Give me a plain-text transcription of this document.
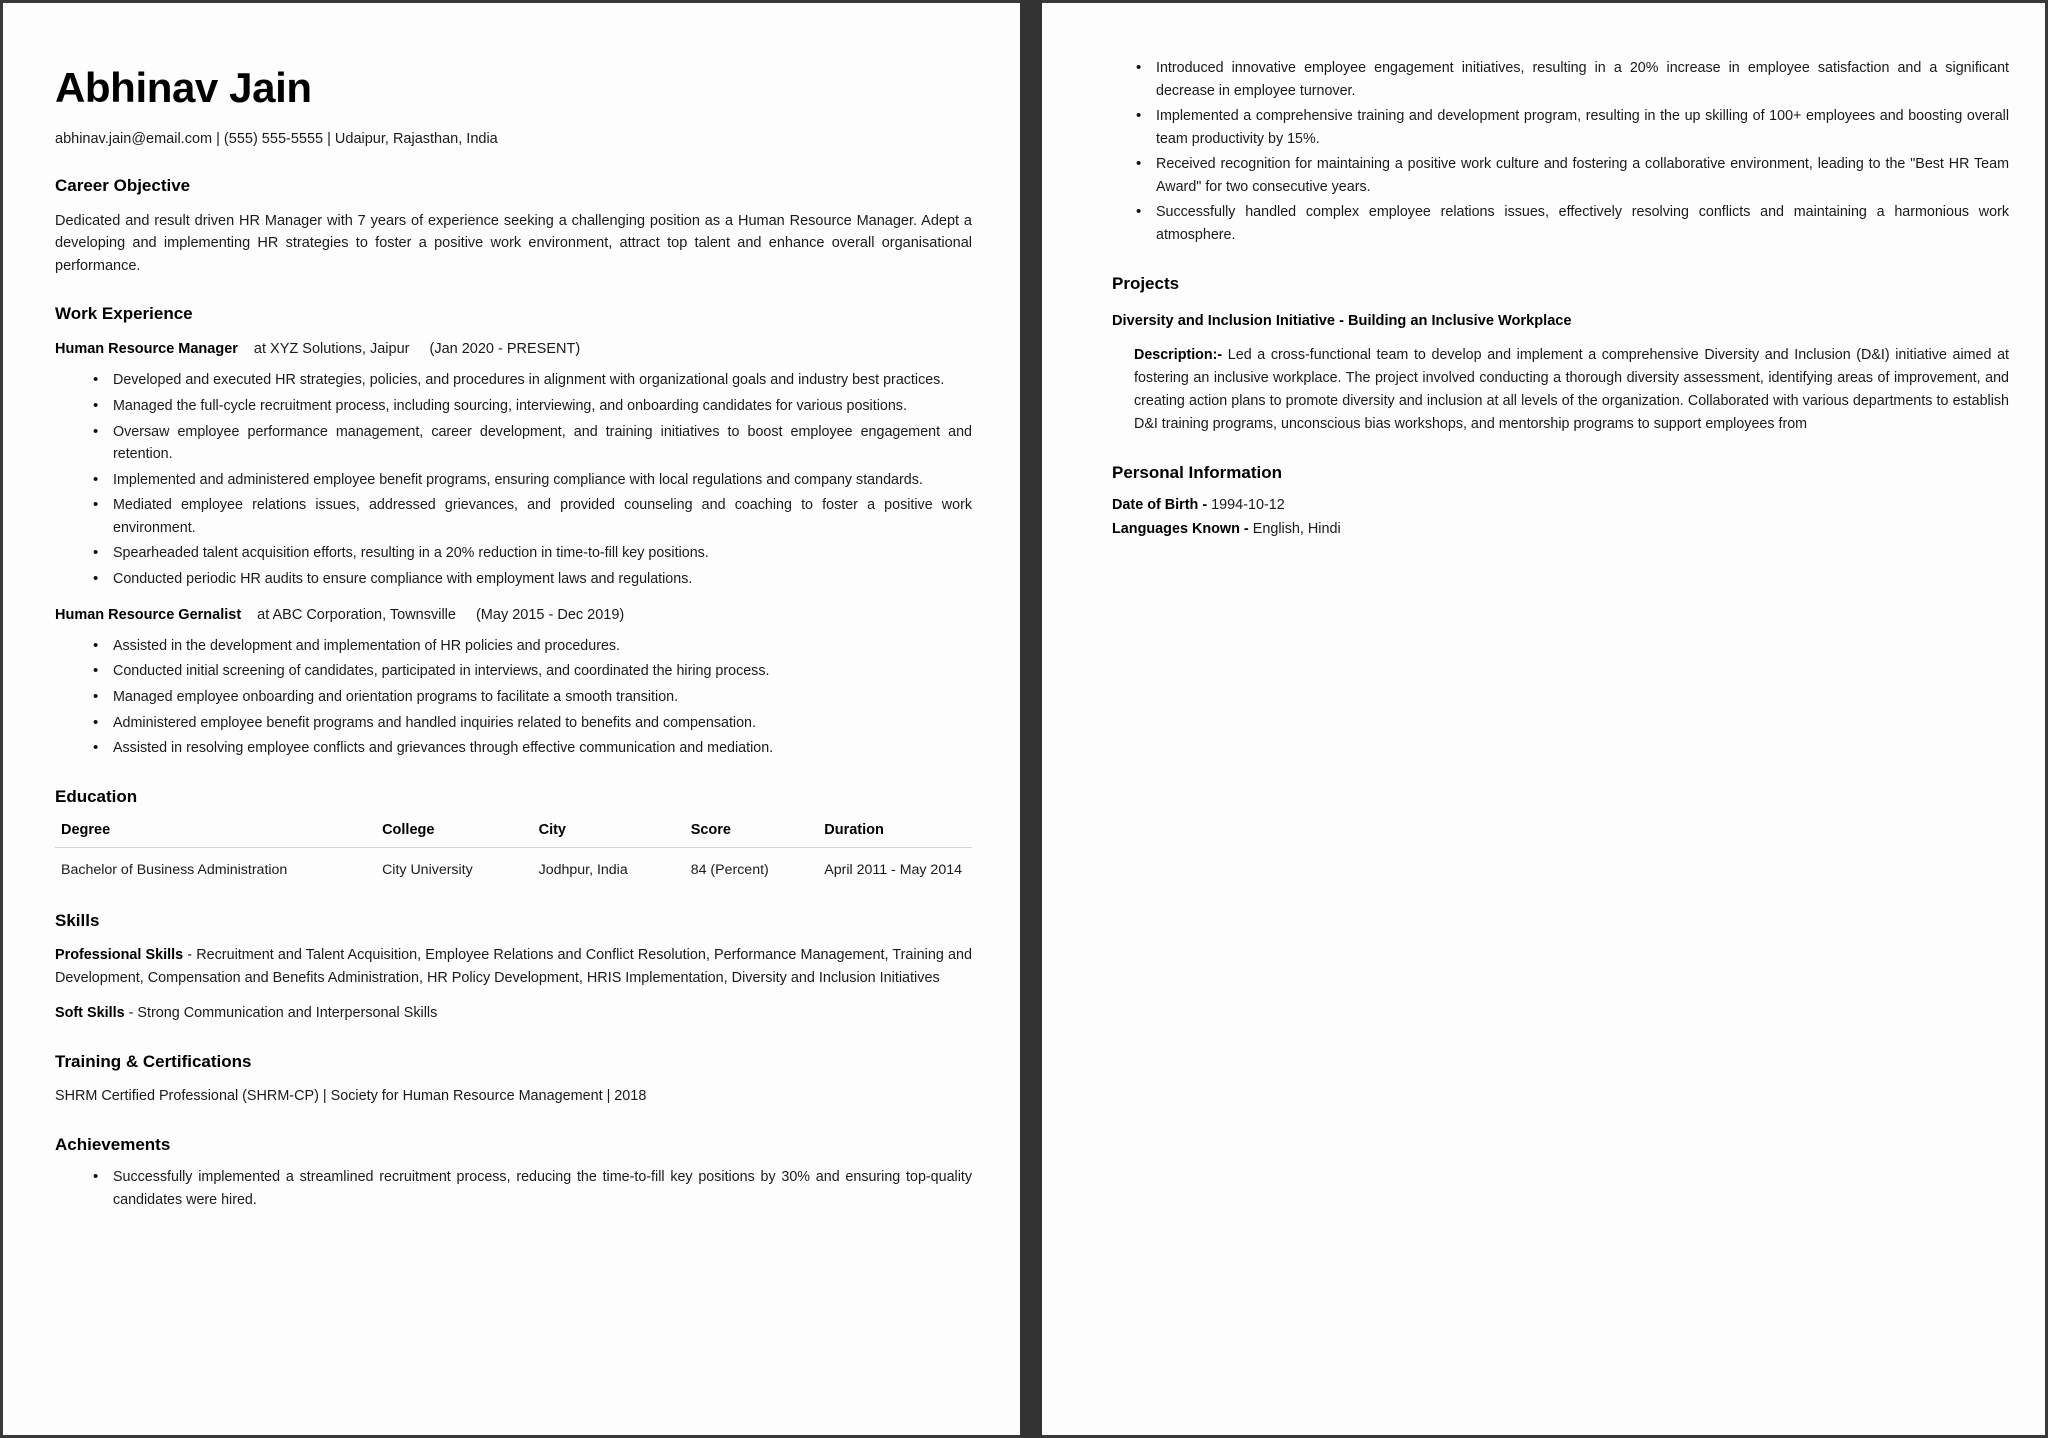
Abhinav Jain
abhinav.jain@email.com | (555) 555-5555 | Udaipur, Rajasthan, India
Career Objective

Dedicated and result driven HR Manager with 7 years of experience seeking a challenging position as a Human Resource Manager. Adept a developing and implementing HR strategies to foster a positive work environment, attract top talent and enhance overall organisational performance.

Work Experience
Human Resource Manager at XYZ Solutions, Jaipur (Jan 2020 - PRESENT)
• Developed and executed HR strategies, policies, and procedures in alignment with organizational goals and industry best practices.
• Managed the full-cycle recruitment process, including sourcing, interviewing, and onboarding candidates for various positions.
• Oversaw employee performance management, career development, and training initiatives to boost employee engagement and retention.
• Implemented and administered employee benefit programs, ensuring compliance with local regulations and company standards.
• Mediated employee relations issues, addressed grievances, and provided counseling and coaching to foster a positive work environment.
• Spearheaded talent acquisition efforts, resulting in a 20% reduction in time-to-fill key positions.
• Conducted periodic HR audits to ensure compliance with employment laws and regulations.
Human Resource Gernalist at ABC Corporation, Townsville (May 2015 - Dec 2019)
• Assisted in the development and implementation of HR policies and procedures.
• Conducted initial screening of candidates, participated in interviews, and coordinated the hiring process.
• Managed employee onboarding and orientation programs to facilitate a smooth transition.
• Administered employee benefit programs and handled inquiries related to benefits and compensation.
• Assisted in resolving employee conflicts and grievances through effective communication and mediation.
Education
Degree	College	City	Score	Duration
Bachelor of Business Administration	City University	Jodhpur, India	84 (Percent)	April 2011 - May 2014
Skills

Professional Skills - Recruitment and Talent Acquisition, Employee Relations and Conflict Resolution, Performance Management, Training and Development, Compensation and Benefits Administration, HR Policy Development, HRIS Implementation, Diversity and Inclusion Initiatives

Soft Skills - Strong Communication and Interpersonal Skills

Training & Certifications

SHRM Certified Professional (SHRM-CP) | Society for Human Resource Management | 2018

Achievements
• Successfully implemented a streamlined recruitment process, reducing the time-to-fill key positions by 30% and ensuring top-quality candidates were hired.
• Introduced innovative employee engagement initiatives, resulting in a 20% increase in employee satisfaction and a significant decrease in employee turnover.
• Implemented a comprehensive training and development program, resulting in the up skilling of 100+ employees and boosting overall team productivity by 15%.
• Received recognition for maintaining a positive work culture and fostering a collaborative environment, leading to the "Best HR Team Award" for two consecutive years.
• Successfully handled complex employee relations issues, effectively resolving conflicts and maintaining a harmonious work atmosphere.
Projects
Diversity and Inclusion Initiative - Building an Inclusive Workplace

Description:- Led a cross-functional team to develop and implement a comprehensive Diversity and Inclusion (D&I) initiative aimed at fostering an inclusive workplace. The project involved conducting a thorough diversity assessment, identifying areas of improvement, and creating action plans to promote diversity and inclusion at all levels of the organization. Collaborated with various departments to establish D&I training programs, unconscious bias workshops, and mentorship programs to support employees from

Personal Information
Date of Birth - 1994-10-12
Languages Known - English, Hindi
